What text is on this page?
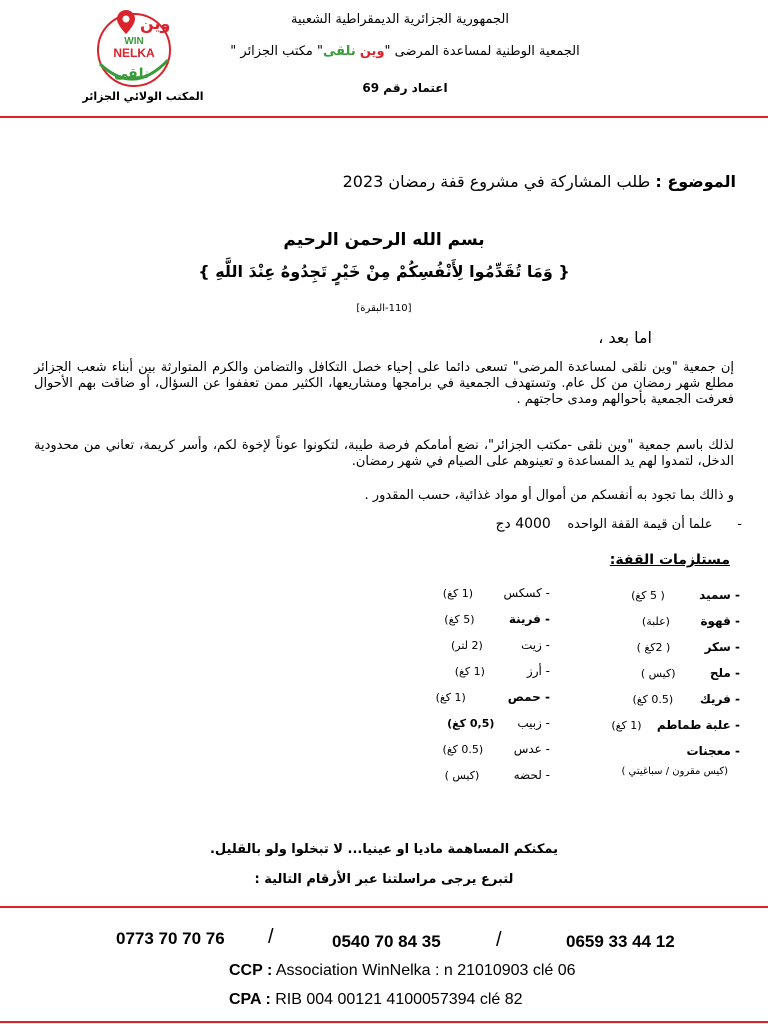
وين
WIN
NELKA
نلقى
المكتب الولائي الجزائر
الجمهورية الجزائرية الديمقراطية الشعبية
الجمعية الوطنية لمساعدة المرضى "وين نلقى" مكتب الجزائر "
اعتماد رقم 69
الموضوع : طلب المشاركة في مشروع قفة رمضان 2023
بسم الله الرحمن الرحيم
{ وَمَا تُقَدِّمُوا لِأَنْفُسِكُمْ مِنْ خَيْرٍ تَجِدُوهُ عِنْدَ اللَّهِ }
[110-البقرة]
اما بعد ،
إن جمعية "وين نلقى لمساعدة المرضى" تسعى دائما على إحياء خصل التكافل والتضامن والكرم المتوارثة بين أبناء شعب الجزائر مطلع شهر رمضان من كل عام. وتستهدف الجمعية في برامجها ومشاريعها، الكثير ممن تعففوا عن السؤال، أو ضاقت بهم الأحوال فعرفت الجمعية بأحوالهم ومدى حاجتهم .
لذلك باسم جمعية "وين نلقى -مكتب الجزائر"، نضع أمامكم فرصة طيبة، لتكونوا عوناً لإخوة لكم، وأسر كريمة، تعاني من محدودية الدخل، لتمدوا لهم يد المساعدة و تعينوهم على الصيام في شهر رمضان.
و ذالك بما تجود به أنفسكم من أموال أو مواد غذائية، حسب المقدور .
-      علما أن قيمة القفة الواحده    4000 دج
مستلزمات القفة:
- سميد         ( 5 كغ)
- قهوة        (علبة)
- سكر         ( 2كغ )
- ملح         (كيس )
- فريك       (0.5 كغ)
- علبة طماطم    (1 كغ)
- معجنات
(كيس مقرون / سباغيتي )
- كسكس        (1 كغ)
- فرينة         (5 كغ)
- زيت          (2 لتر)
- أرز           (1 كغ)
- حمص           (1 كغ)
- زبيب      (0,5 كغ)
- عدس        (0.5 كغ)
- لحضه         (كيس )
يمكنكم المساهمة ماديا او عينيا... لا تبخلوا ولو بالقليل.
لتبرع يرجى مراسلتنا عبر الأرقام التالية :
0773 70 70 76 /	0540 70 84 35	/	0659 33 44 12
CCP : Association WinNelka : n 21010903 clé 06
CPA : RIB 004 00121 4100057394 clé 82
